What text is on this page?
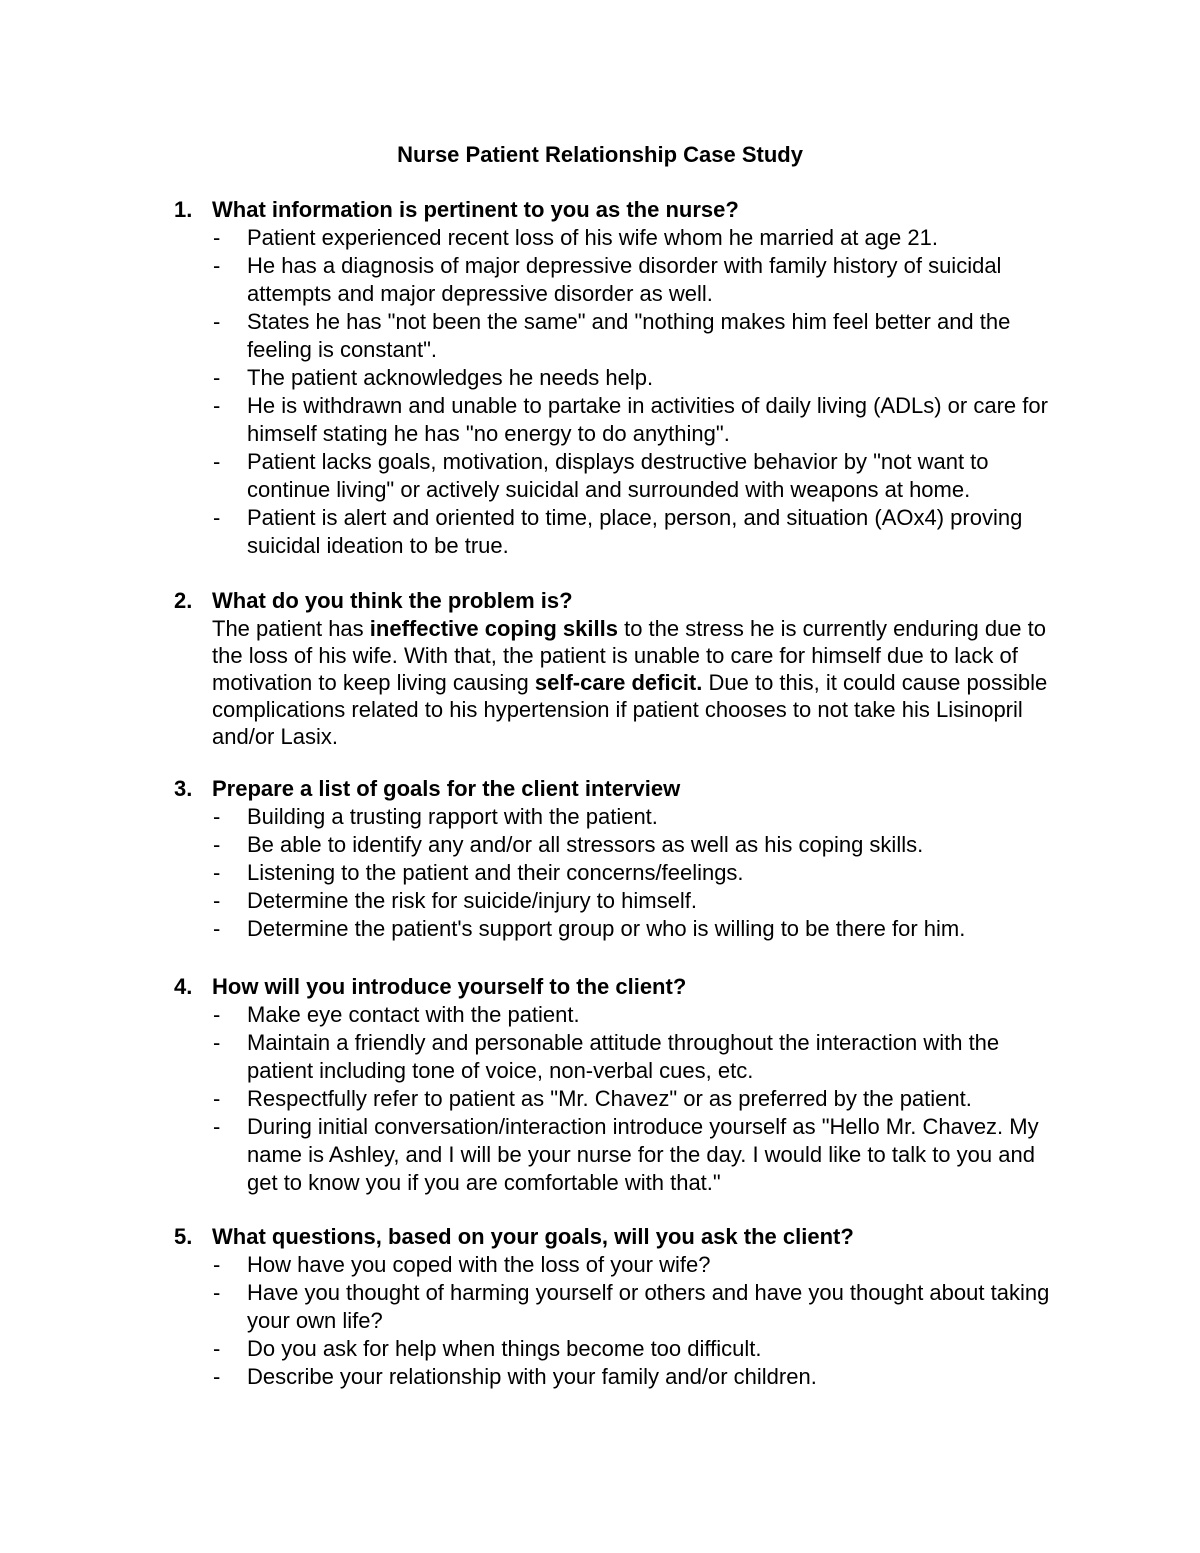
Nurse Patient Relationship Case Study
1. What information is pertinent to you as the nurse?
- Patient experienced recent loss of his wife whom he married at age 21.
- He has a diagnosis of major depressive disorder with family history of suicidal attempts and major depressive disorder as well.
- States he has "not been the same" and "nothing makes him feel better and the feeling is constant".
- The patient acknowledges he needs help.
- He is withdrawn and unable to partake in activities of daily living (ADLs) or care for himself stating he has "no energy to do anything".
- Patient lacks goals, motivation, displays destructive behavior by "not want to continue living" or actively suicidal and surrounded with weapons at home.
- Patient is alert and oriented to time, place, person, and situation (AOx4) proving suicidal ideation to be true.
2. What do you think the problem is?
The patient has ineffective coping skills to the stress he is currently enduring due to the loss of his wife. With that, the patient is unable to care for himself due to lack of motivation to keep living causing self-care deficit. Due to this, it could cause possible complications related to his hypertension if patient chooses to not take his Lisinopril and/or Lasix.
3. Prepare a list of goals for the client interview
- Building a trusting rapport with the patient.
- Be able to identify any and/or all stressors as well as his coping skills.
- Listening to the patient and their concerns/feelings.
- Determine the risk for suicide/injury to himself.
- Determine the patient's support group or who is willing to be there for him.
4. How will you introduce yourself to the client?
- Make eye contact with the patient.
- Maintain a friendly and personable attitude throughout the interaction with the patient including tone of voice, non-verbal cues, etc.
- Respectfully refer to patient as "Mr. Chavez" or as preferred by the patient.
- During initial conversation/interaction introduce yourself as "Hello Mr. Chavez. My name is Ashley, and I will be your nurse for the day. I would like to talk to you and get to know you if you are comfortable with that."
5. What questions, based on your goals, will you ask the client?
- How have you coped with the loss of your wife?
- Have you thought of harming yourself or others and have you thought about taking your own life?
- Do you ask for help when things become too difficult.
- Describe your relationship with your family and/or children.
